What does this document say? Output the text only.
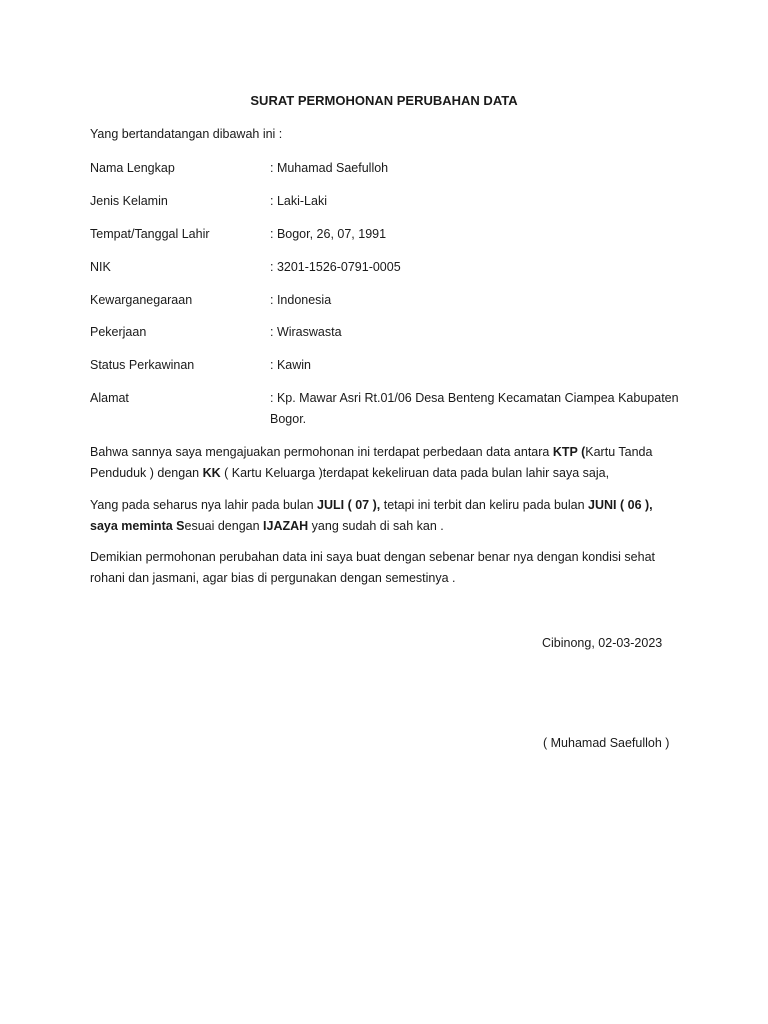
SURAT PERMOHONAN PERUBAHAN DATA
Yang bertandatangan dibawah ini :
Nama Lengkap	: Muhamad Saefulloh
Jenis Kelamin	: Laki-Laki
Tempat/Tanggal Lahir	: Bogor, 26, 07, 1991
NIK	: 3201-1526-0791-0005
Kewarganegaraan	: Indonesia
Pekerjaan	: Wiraswasta
Status Perkawinan	: Kawin
Alamat	: Kp. Mawar Asri Rt.01/06 Desa Benteng Kecamatan Ciampea Kabupaten Bogor.
Bahwa sannya saya mengajuakan permohonan ini terdapat perbedaan data antara KTP (Kartu Tanda Penduduk ) dengan KK ( Kartu Keluarga )terdapat kekeliruan data pada bulan lahir saya saja,
Yang pada seharus nya lahir pada bulan JULI ( 07 ), tetapi ini terbit dan keliru pada bulan JUNI ( 06 ), saya meminta Sesuai dengan IJAZAH yang sudah di sah kan .
Demikian permohonan perubahan data ini saya buat dengan sebenar benar nya dengan kondisi sehat rohani dan jasmani, agar bias di pergunakan dengan semestinya .
Cibinong, 02-03-2023
( Muhamad Saefulloh )
